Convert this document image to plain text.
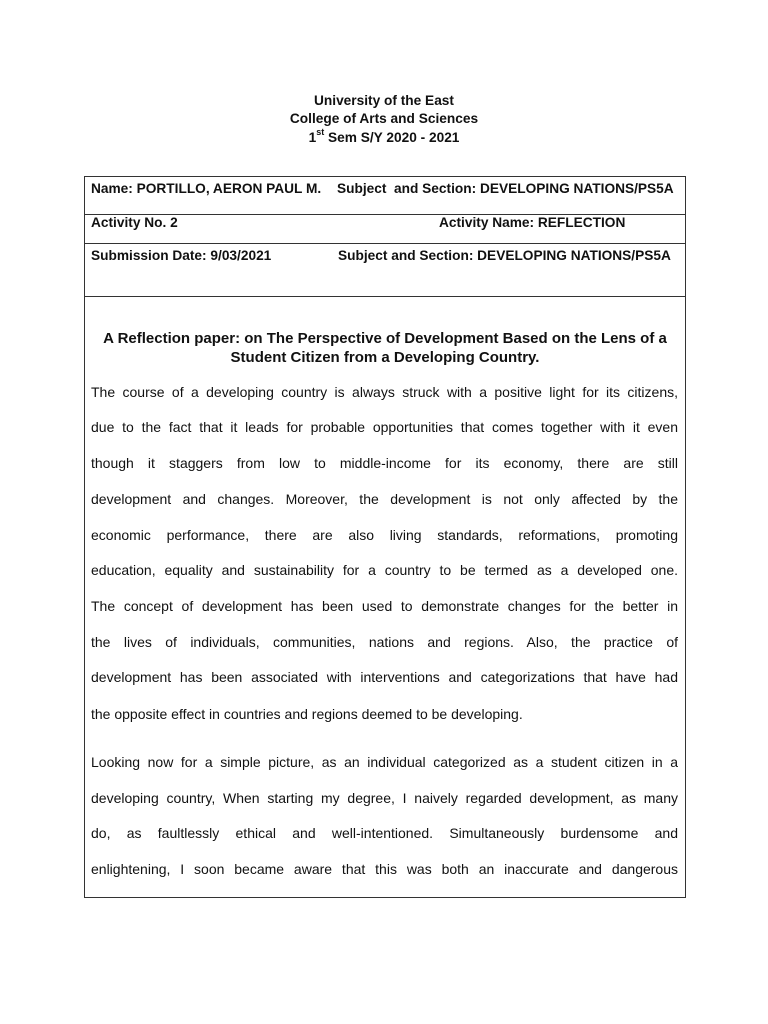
University of the East
College of Arts and Sciences
1st Sem S/Y 2020 - 2021
Name: PORTILLO, AERON PAUL M. Subject  and Section: DEVELOPING NATIONS/PS5A
Activity No. 2	Activity Name: REFLECTION
Submission Date: 9/03/2021	Subject and Section: DEVELOPING NATIONS/PS5A
A Reflection paper: on The Perspective of Development Based on the Lens of a
Student Citizen from a Developing Country.
The course of a developing country is always struck with a positive light for its citizens,
due to the fact that it leads for probable opportunities that comes together with it even
though it staggers from low to middle-income for its economy, there are still
development and changes. Moreover, the development is not only affected by the
economic performance, there are also living standards, reformations, promoting
education, equality and sustainability for a country to be termed as a developed one.
The concept of development has been used to demonstrate changes for the better in
the lives of individuals, communities, nations and regions. Also, the practice of
development has been associated with interventions and categorizations that have had
the opposite effect in countries and regions deemed to be developing.
Looking now for a simple picture, as an individual categorized as a student citizen in a
developing country, When starting my degree, I naively regarded development, as many
do, as faultlessly ethical and well-intentioned. Simultaneously burdensome and
enlightening, I soon became aware that this was both an inaccurate and dangerous
